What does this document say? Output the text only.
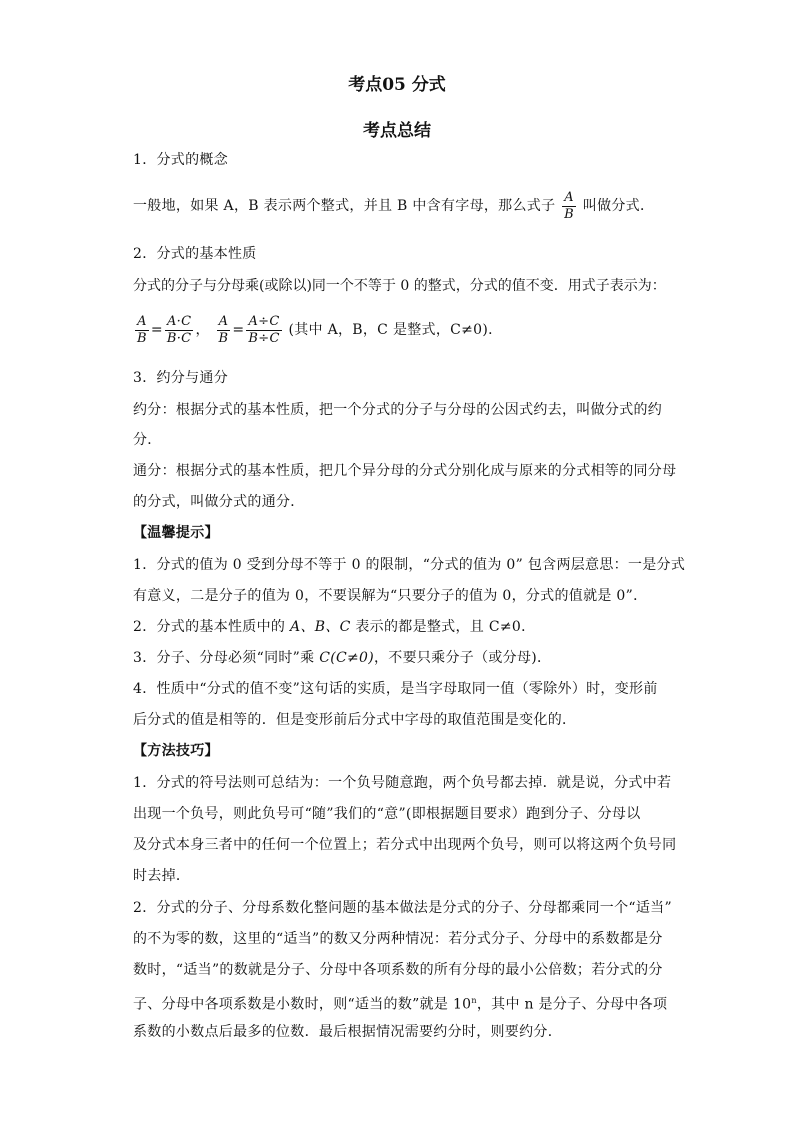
考点05 分式
考点总结
1．分式的概念
一般地，如果 A，B 表示两个整式，并且 B 中含有字母，那么式子 $\frac{A}{B}$ 叫做分式．
2．分式的基本性质
分式的分子与分母乘(或除以)同一个不等于 0 的整式，分式的值不变．用式子表示为：
$\frac{A}{B} = \frac{A\cdot C}{B\cdot C}$ ， $\frac{A}{B} = \frac{A\div C}{B\div C}$ (其中 A，B，C 是整式，C≠0)．
3．约分与通分
约分：根据分式的基本性质，把一个分式的分子与分母的公因式约去，叫做分式的约
分．
通分：根据分式的基本性质，把几个异分母的分式分别化成与原来的分式相等的同分母
的分式，叫做分式的通分．
【温馨提示】
1．分式的值为 0 受到分母不等于 0 的限制，“分式的值为 0” 包含两层意思：一是分式
有意义，二是分子的值为 0，不要误解为“只要分子的值为 0，分式的值就是 0”．
2．分式的基本性质中的 A、B、C 表示的都是整式，且 C≠0．
3．分子、分母必须“同时”乘 C(C≠0)，不要只乘分子（或分母)．
4．性质中“分式的值不变”这句话的实质，是当字母取同一值（零除外）时，变形前
后分式的值是相等的．但是变形前后分式中字母的取值范围是变化的．
【方法技巧】
1．分式的符号法则可总结为：一个负号随意跑，两个负号都去掉．就是说，分式中若
出现一个负号，则此负号可“随”我们的“意”(即根据题目要求）跑到分子、分母以
及分式本身三者中的任何一个位置上；若分式中出现两个负号，则可以将这两个负号同
时去掉．
2．分式的分子、分母系数化整问题的基本做法是分式的分子、分母都乘同一个“适当”
的不为零的数，这里的“适当”的数又分两种情况：若分式分子、分母中的系数都是分
数时，“适当”的数就是分子、分母中各项系数的所有分母的最小公倍数；若分式的分
子、分母中各项系数是小数时，则“适当的数”就是 10$^n$，其中 n 是分子、分母中各项
系数的小数点后最多的位数．最后根据情况需要约分时，则要约分．
